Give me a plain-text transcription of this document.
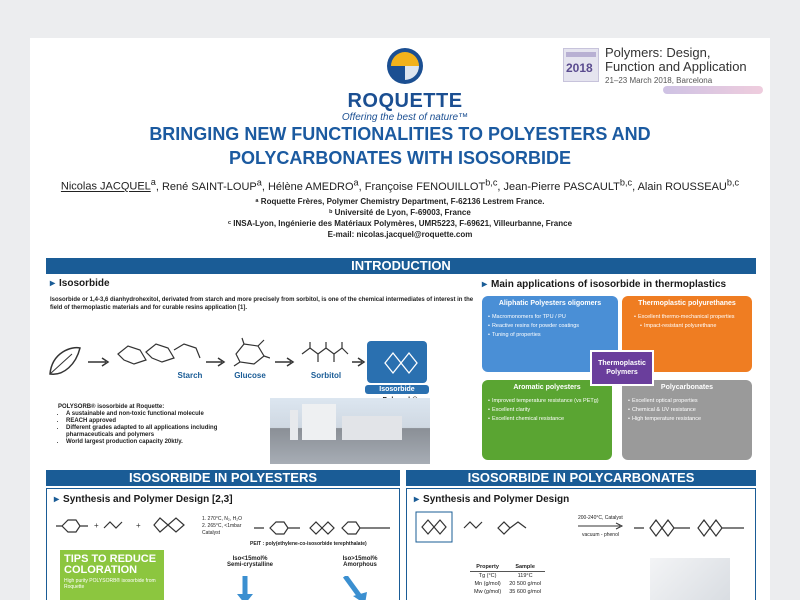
ROQUETTE
Offering the best of nature™
2018
Polymers: Design,
Function and Application
21–23 March 2018, Barcelona
BRINGING NEW FUNCTIONALITIES TO POLYESTERS AND
POLYCARBONATES WITH ISOSORBIDE
Nicolas JACQUEL$^a$, René SAINT-LOUP$^a$, Hélène AMEDRO$^a$, Françoise FENOUILLOT$^{b,c}$, Jean-Pierre PASCAULT$^{b,c}$, Alain ROUSSEAU$^{b,c}$
ᵃ Roquette Frères, Polymer Chemistry Department, F-62136 Lestrem France.
ᵇ Université de Lyon, F-69003, France
ᶜ INSA-Lyon, Ingénierie des Matériaux Polymères, UMR5223, F-69621, Villeurbanne, France
E-mail: nicolas.jacquel@roquette.com
INTRODUCTION
▸ Isosorbide
Isosorbide or 1,4-3,6 dianhydrohexitol, derivated from starch and more precisely from sorbitol, is one of the chemical intermediates of interest in the field of thermoplastic materials and for curable resins application [1].
Starch	Glucose	Sorbitol
Isosorbide
POLYSORB® isosorbide at Roquette:
• A sustainable and non-toxic functional molecule
• REACH approved
• Different grades adapted to all applications including pharmaceuticals and polymers
• World largest production capacity 20kt/y.
▸ Main applications of isosorbide in thermoplastics
Aliphatic Polyesters oligomers
• Macromonomers for TPU / PU
• Reactive resins for powder coatings
• Tuning of properties
Thermoplastic polyurethanes
• Excellent thermo-mechanical properties
• Impact-resistant polyurethane
Aromatic polyesters
• Improved temperature resistance (vs PETg)
• Excellent clarity
• Excellent chemical resistance
Polycarbonates
• Excellent optical properties
• Chemical & UV resistance
• High temperature resistance
Thermoplastic Polymers
ISOSORBIDE IN POLYESTERS
▸ Synthesis and Polymer Design [2,3]
+	+
1. 270°C, N₂, H₂O
2. 265°C, <1mbar
Catalyst
PEIT : poly(ethylene-co-isosorbide terephthalate)
Iso<15mol%
Semi-crystalline
Iso>15mol%
Amorphous
TIPS TO REDUCE
COLORATION
High purity POLYSORB® isosorbide from Roquette
ISOSORBIDE IN POLYCARBONATES
▸ Synthesis and Polymer Design
200-240°C, Catalyst
vacuum - phenol
Property	Sample
Tg (°C)	119°C
Mn (g/mol)	20 500 g/mol
Mw (g/mol)	35 600 g/mol
